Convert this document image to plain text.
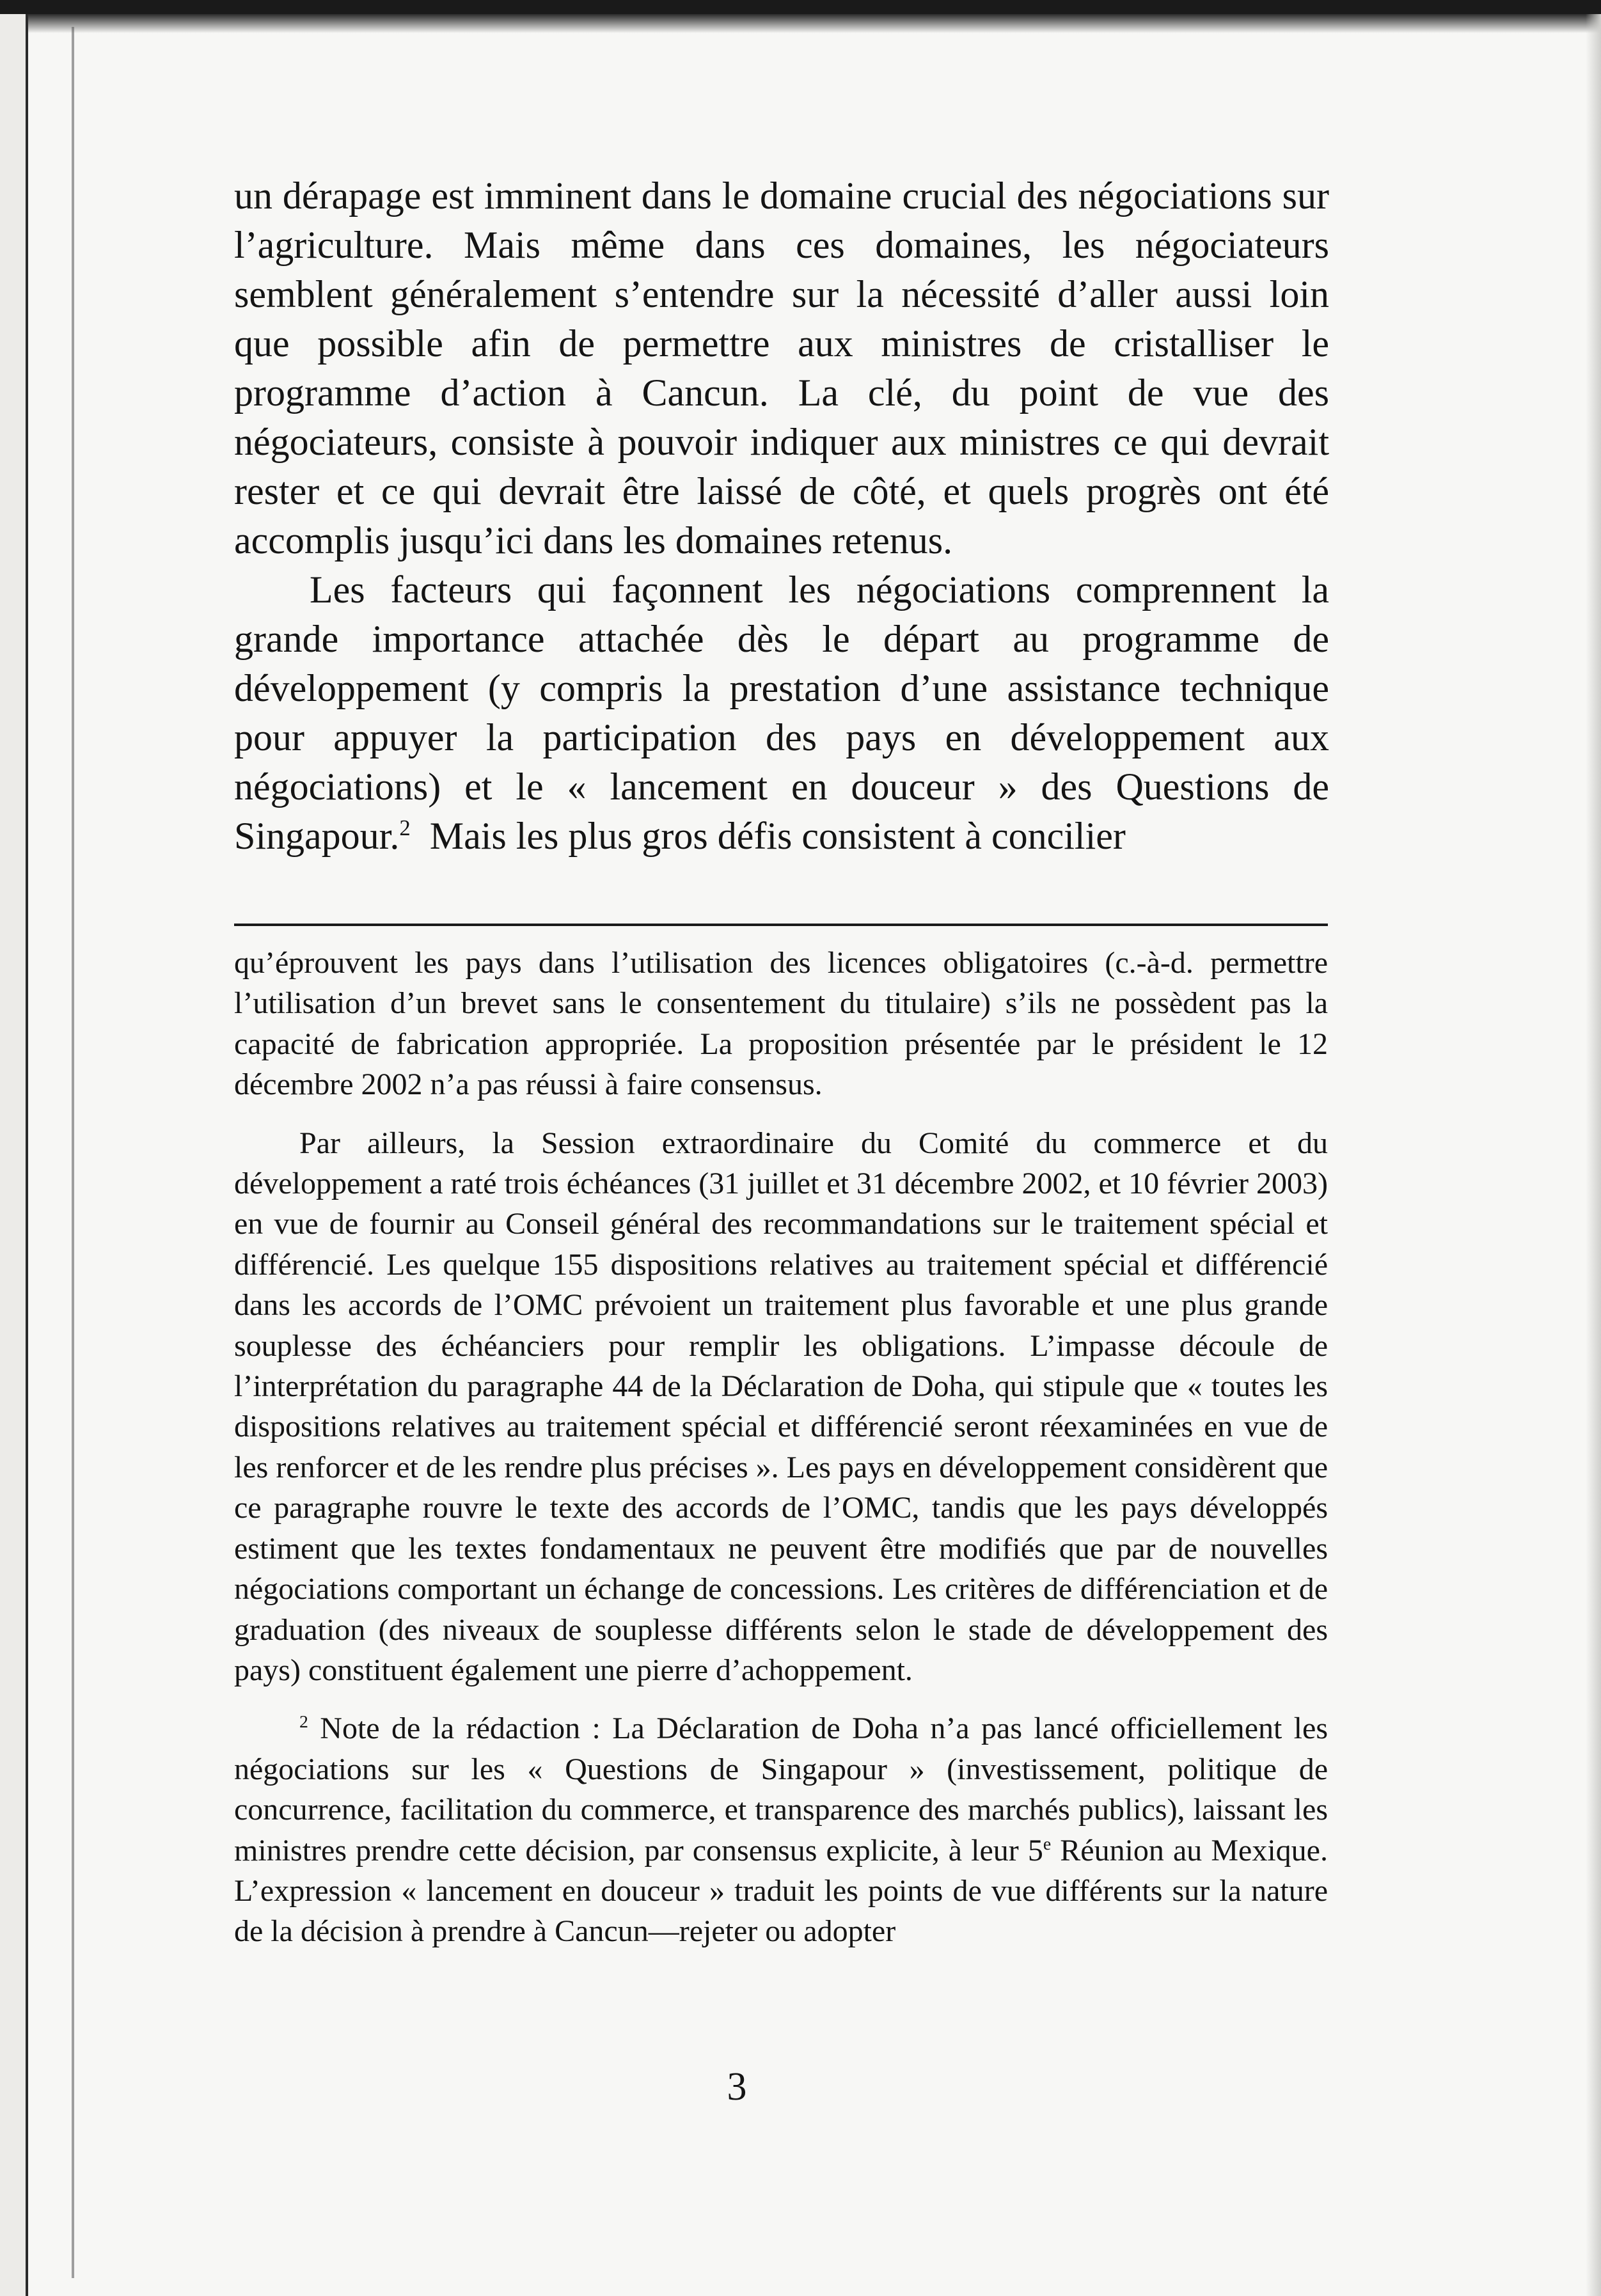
un dérapage est imminent dans le domaine crucial des négociations sur l’agriculture. Mais même dans ces domaines, les négociateurs semblent généralement s’entendre sur la nécessité d’aller aussi loin que possible afin de permettre aux ministres de cristalliser le programme d’action à Cancun. La clé, du point de vue des négociateurs, consiste à pouvoir indiquer aux ministres ce qui devrait rester et ce qui devrait être laissé de côté, et quels progrès ont été accomplis jusqu’ici dans les domaines retenus.

Les facteurs qui façonnent les négociations comprennent la grande importance attachée dès le départ au programme de développement (y compris la prestation d’une assistance technique pour appuyer la participation des pays en développement aux négociations) et le « lancement en douceur » des Questions de Singapour.$^2$ Mais les plus gros défis consistent à concilier

qu’éprouvent les pays dans l’utilisation des licences obligatoires (c.-à-d. permettre l’utilisation d’un brevet sans le consentement du titulaire) s’ils ne possèdent pas la capacité de fabrication appropriée. La proposition présentée par le président le 12 décembre 2002 n’a pas réussi à faire consensus.

Par ailleurs, la Session extraordinaire du Comité du commerce et du développement a raté trois échéances (31 juillet et 31 décembre 2002, et 10 février 2003) en vue de fournir au Conseil général des recommandations sur le traitement spécial et différencié. Les quelque 155 dispositions relatives au traitement spécial et différencié dans les accords de l’OMC prévoient un traitement plus favorable et une plus grande souplesse des échéanciers pour remplir les obligations. L’impasse découle de l’interprétation du paragraphe 44 de la Déclaration de Doha, qui stipule que « toutes les dispositions relatives au traitement spécial et différencié seront réexaminées en vue de les renforcer et de les rendre plus précises ». Les pays en développement considèrent que ce paragraphe rouvre le texte des accords de l’OMC, tandis que les pays développés estiment que les textes fondamentaux ne peuvent être modifiés que par de nouvelles négociations comportant un échange de concessions. Les critères de différenciation et de graduation (des niveaux de souplesse différents selon le stade de développement des pays) constituent également une pierre d’achoppement.

$^2$ Note de la rédaction : La Déclaration de Doha n’a pas lancé officiellement les négociations sur les « Questions de Singapour » (investissement, politique de concurrence, facilitation du commerce, et transparence des marchés publics), laissant les ministres prendre cette décision, par consensus explicite, à leur 5e Réunion au Mexique. L’expression « lancement en douceur » traduit les points de vue différents sur la nature de la décision à prendre à Cancun—rejeter ou adopter

3
